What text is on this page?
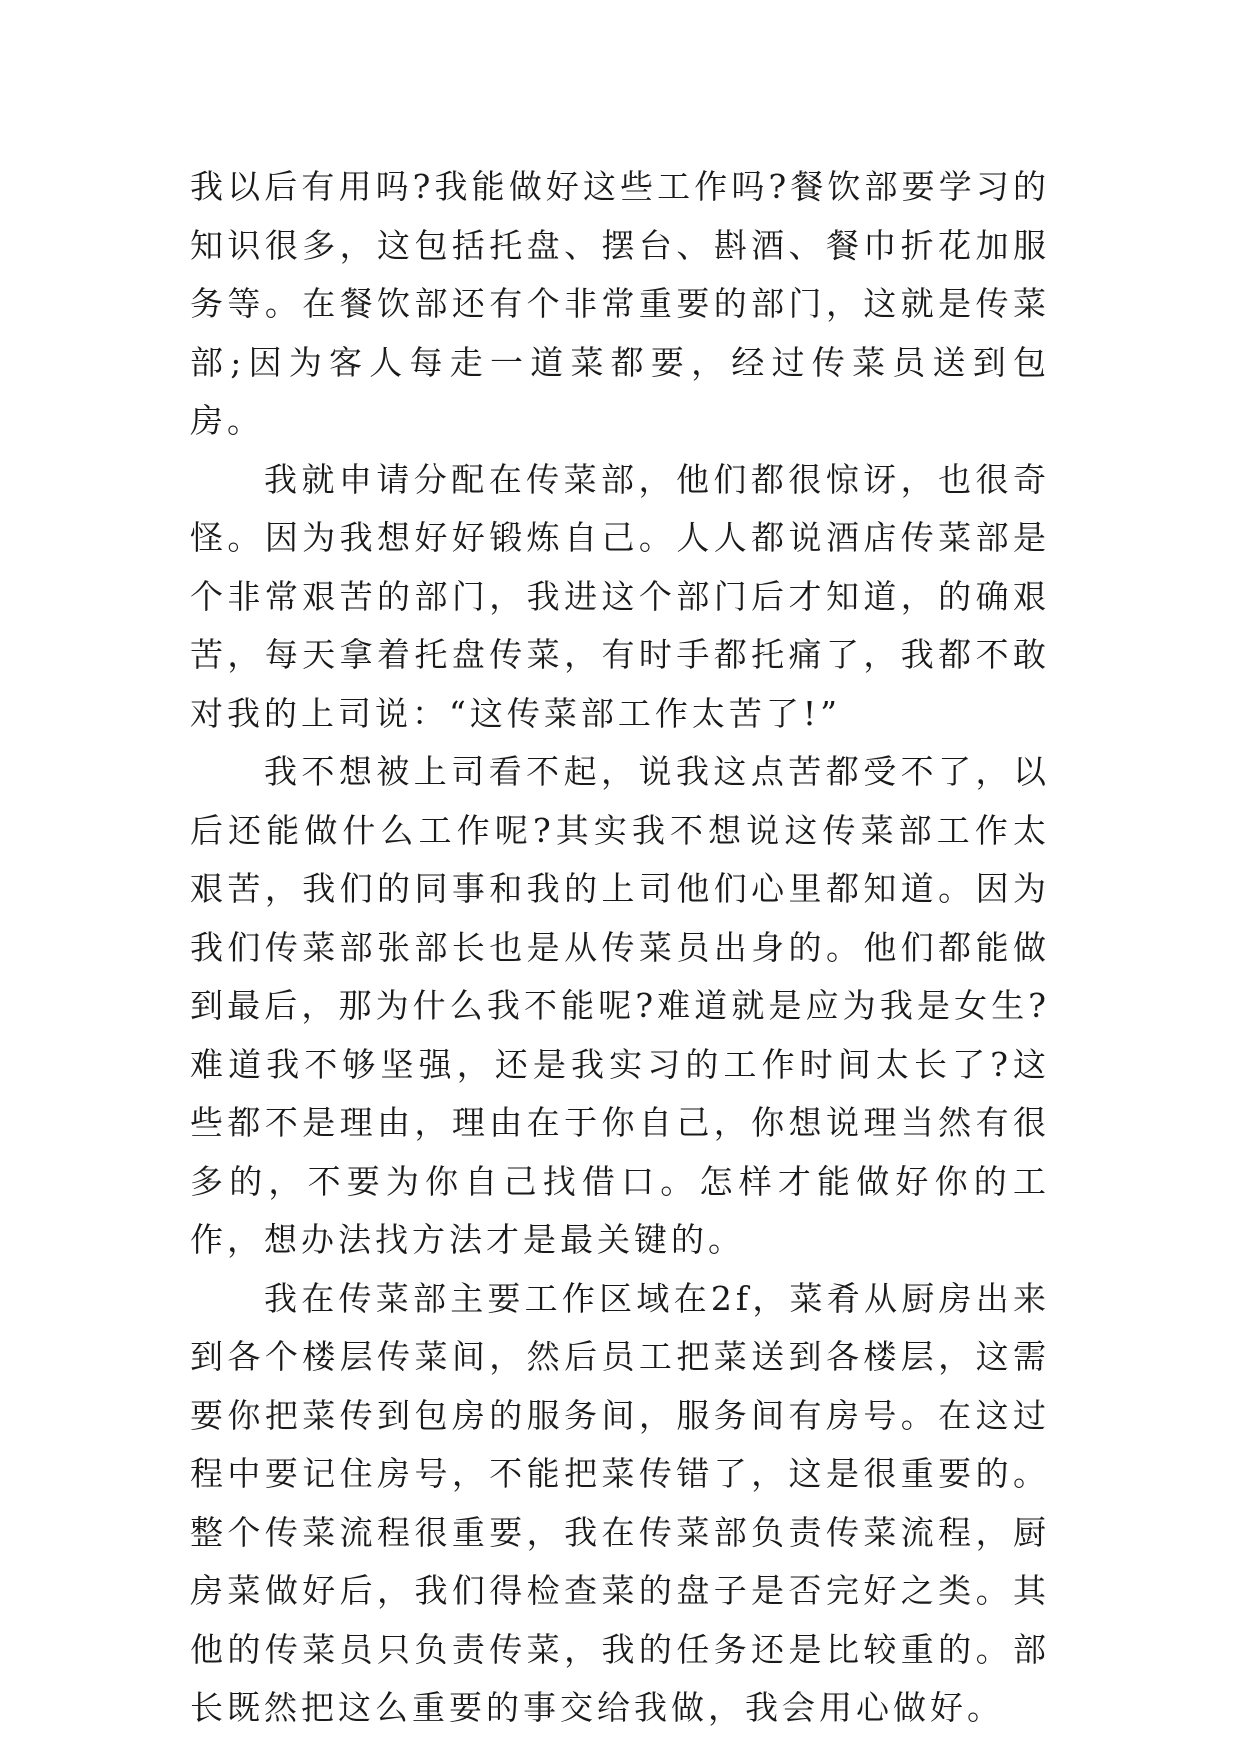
我以后有用吗?我能做好这些工作吗?餐饮部要学习的知识很多，这包括托盘、摆台、斟酒、餐巾折花加服务等。在餐饮部还有个非常重要的部门，这就是传菜部;因为客人每走一道菜都要，经过传菜员送到包房。

我就申请分配在传菜部，他们都很惊讶，也很奇怪。因为我想好好锻炼自己。人人都说酒店传菜部是个非常艰苦的部门，我进这个部门后才知道，的确艰苦，每天拿着托盘传菜，有时手都托痛了，我都不敢对我的上司说：“这传菜部工作太苦了!”

我不想被上司看不起，说我这点苦都受不了，以后还能做什么工作呢?其实我不想说这传菜部工作太艰苦，我们的同事和我的上司他们心里都知道。因为我们传菜部张部长也是从传菜员出身的。他们都能做到最后，那为什么我不能呢?难道就是应为我是女生?难道我不够坚强，还是我实习的工作时间太长了?这些都不是理由，理由在于你自己，你想说理当然有很多的，不要为你自己找借口。怎样才能做好你的工作，想办法找方法才是最关键的。

我在传菜部主要工作区域在2f，菜肴从厨房出来到各个楼层传菜间，然后员工把菜送到各楼层，这需要你把菜传到包房的服务间，服务间有房号。在这过程中要记住房号，不能把菜传错了，这是很重要的。整个传菜流程很重要，我在传菜部负责传菜流程，厨房菜做好后，我们得检查菜的盘子是否完好之类。其他的传菜员只负责传菜，我的任务还是比较重的。部长既然把这么重要的事交给我做，我会用心做好。
